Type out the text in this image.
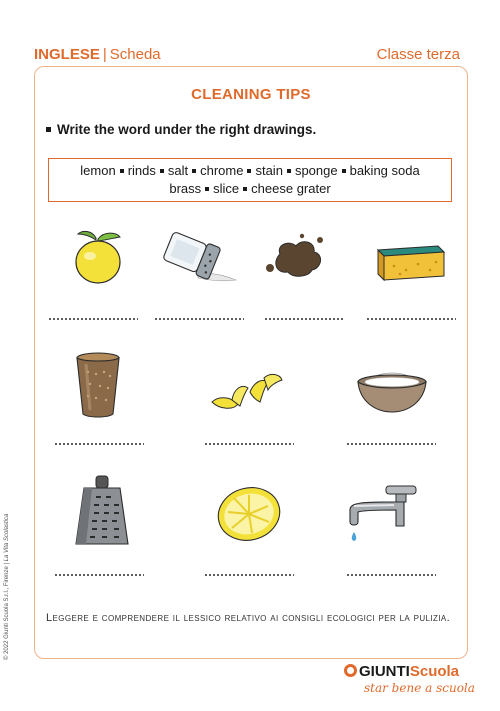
INGLESE | Scheda	Classe terza
CLEANING TIPS
Write the word under the right drawings.
lemon rinds salt chrome stain sponge baking soda
brass slice cheese grater
Leggere e comprendere il lessico relativo ai consigli ecologici per la pulizia.
© 2022 Giunti Scuola S.r.l., Firenze | La Vita Scolastica
GIUNTIScuola
star bene a scuola
